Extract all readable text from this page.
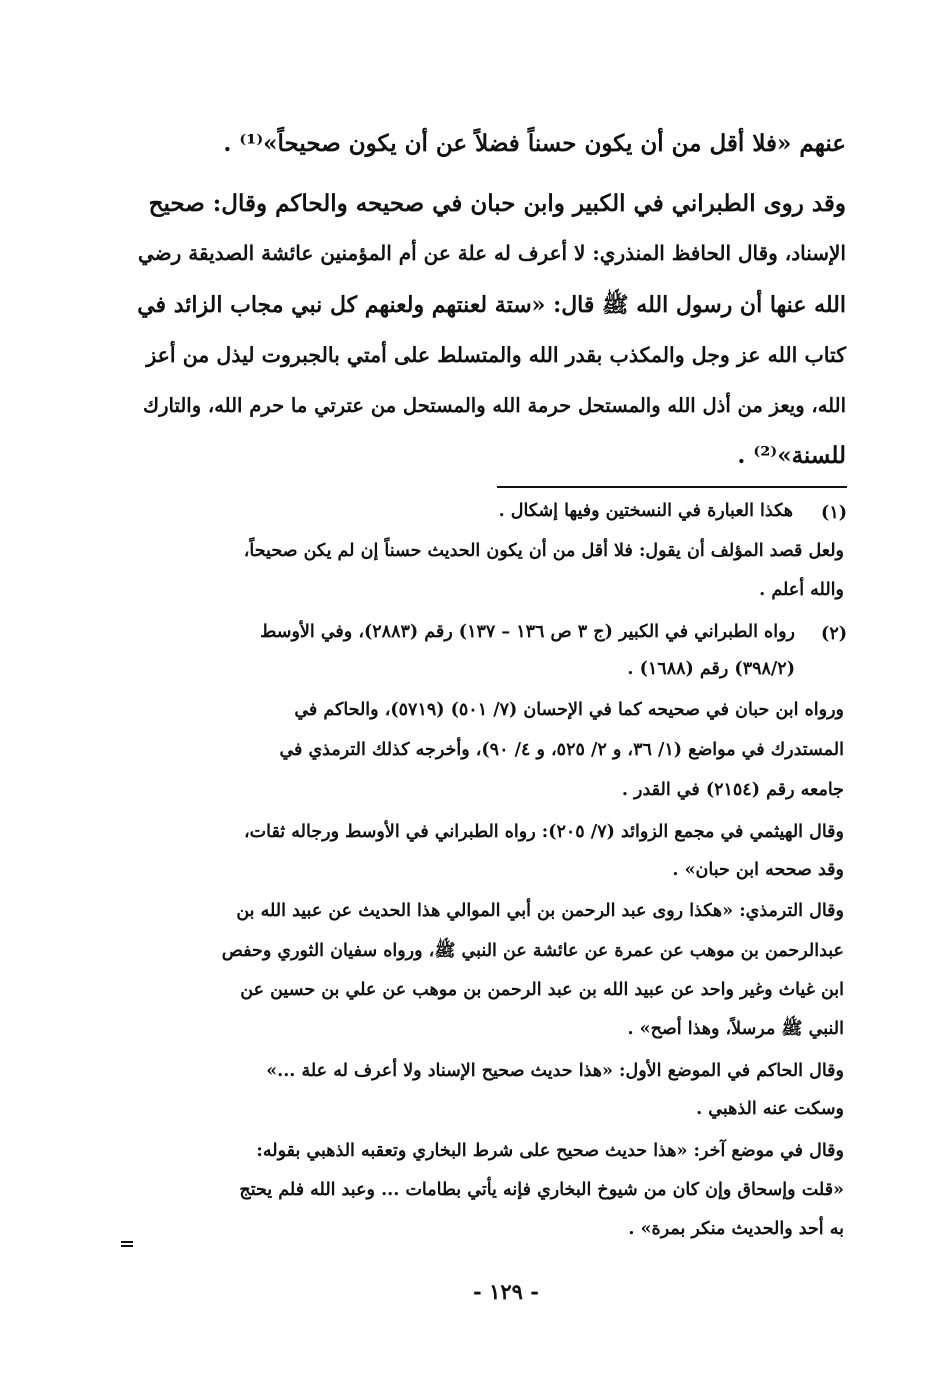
عنهم «فلا أقل من أن يكون حسناً فضلاً عن أن يكون صحيحاً»⁽¹⁾ .
وقد روى الطبراني في الكبير وابن حبان في صحيحه والحاكم وقال: صحيح
الإسناد، وقال الحافظ المنذري: لا أعرف له علة عن أم المؤمنين عائشة الصديقة رضي
الله عنها أن رسول الله ﷺ قال: «ستة لعنتهم ولعنهم كل نبي مجاب الزائد في
كتاب الله عز وجل والمكذب بقدر الله والمتسلط على أمتي بالجبروت ليذل من أعز
الله، ويعز من أذل الله والمستحل حرمة الله والمستحل من عترتي ما حرم الله، والتارك
للسنة»⁽²⁾ .
(١)
هكذا العبارة في النسختين وفيها إشكال .
ولعل قصد المؤلف أن يقول: فلا أقل من أن يكون الحديث حسناً إن لم يكن صحيحاً،
والله أعلم .
(٢)
رواه الطبراني في الكبير (ج ٣ ص ١٣٦ – ١٣٧) رقم (٢٨٨٣)، وفي الأوسط
(٣٩٨/٢) رقم (١٦٨٨) .
ورواه ابن حبان في صحيحه كما في الإحسان (٧/ ٥٠١) (٥٧١٩)، والحاكم في
المستدرك في مواضع (١/ ٣٦، و ٢/ ٥٢٥، و ٤/ ٩٠)، وأخرجه كذلك الترمذي في
جامعه رقم (٢١٥٤) في القدر .
وقال الهيثمي في مجمع الزوائد (٧/ ٢٠٥): رواه الطبراني في الأوسط ورجاله ثقات،
وقد صححه ابن حبان» .
وقال الترمذي: «هكذا روى عبد الرحمن بن أبي الموالي هذا الحديث عن عبيد الله بن
عبدالرحمن بن موهب عن عمرة عن عائشة عن النبي ﷺ، ورواه سفيان الثوري وحفص
ابن غياث وغير واحد عن عبيد الله بن عبد الرحمن بن موهب عن علي بن حسين عن
النبي ﷺ مرسلاً، وهذا أصح» .
وقال الحاكم في الموضع الأول: «هذا حديث صحيح الإسناد ولا أعرف له علة ...»
وسكت عنه الذهبي .
وقال في موضع آخر: «هذا حديث صحيح على شرط البخاري وتعقبه الذهبي بقوله:
«قلت وإسحاق وإن كان من شيوخ البخاري فإنه يأتي بطامات ... وعبد الله فلم يحتج
به أحد والحديث منكر بمرة» .
- ١٢٩ -
